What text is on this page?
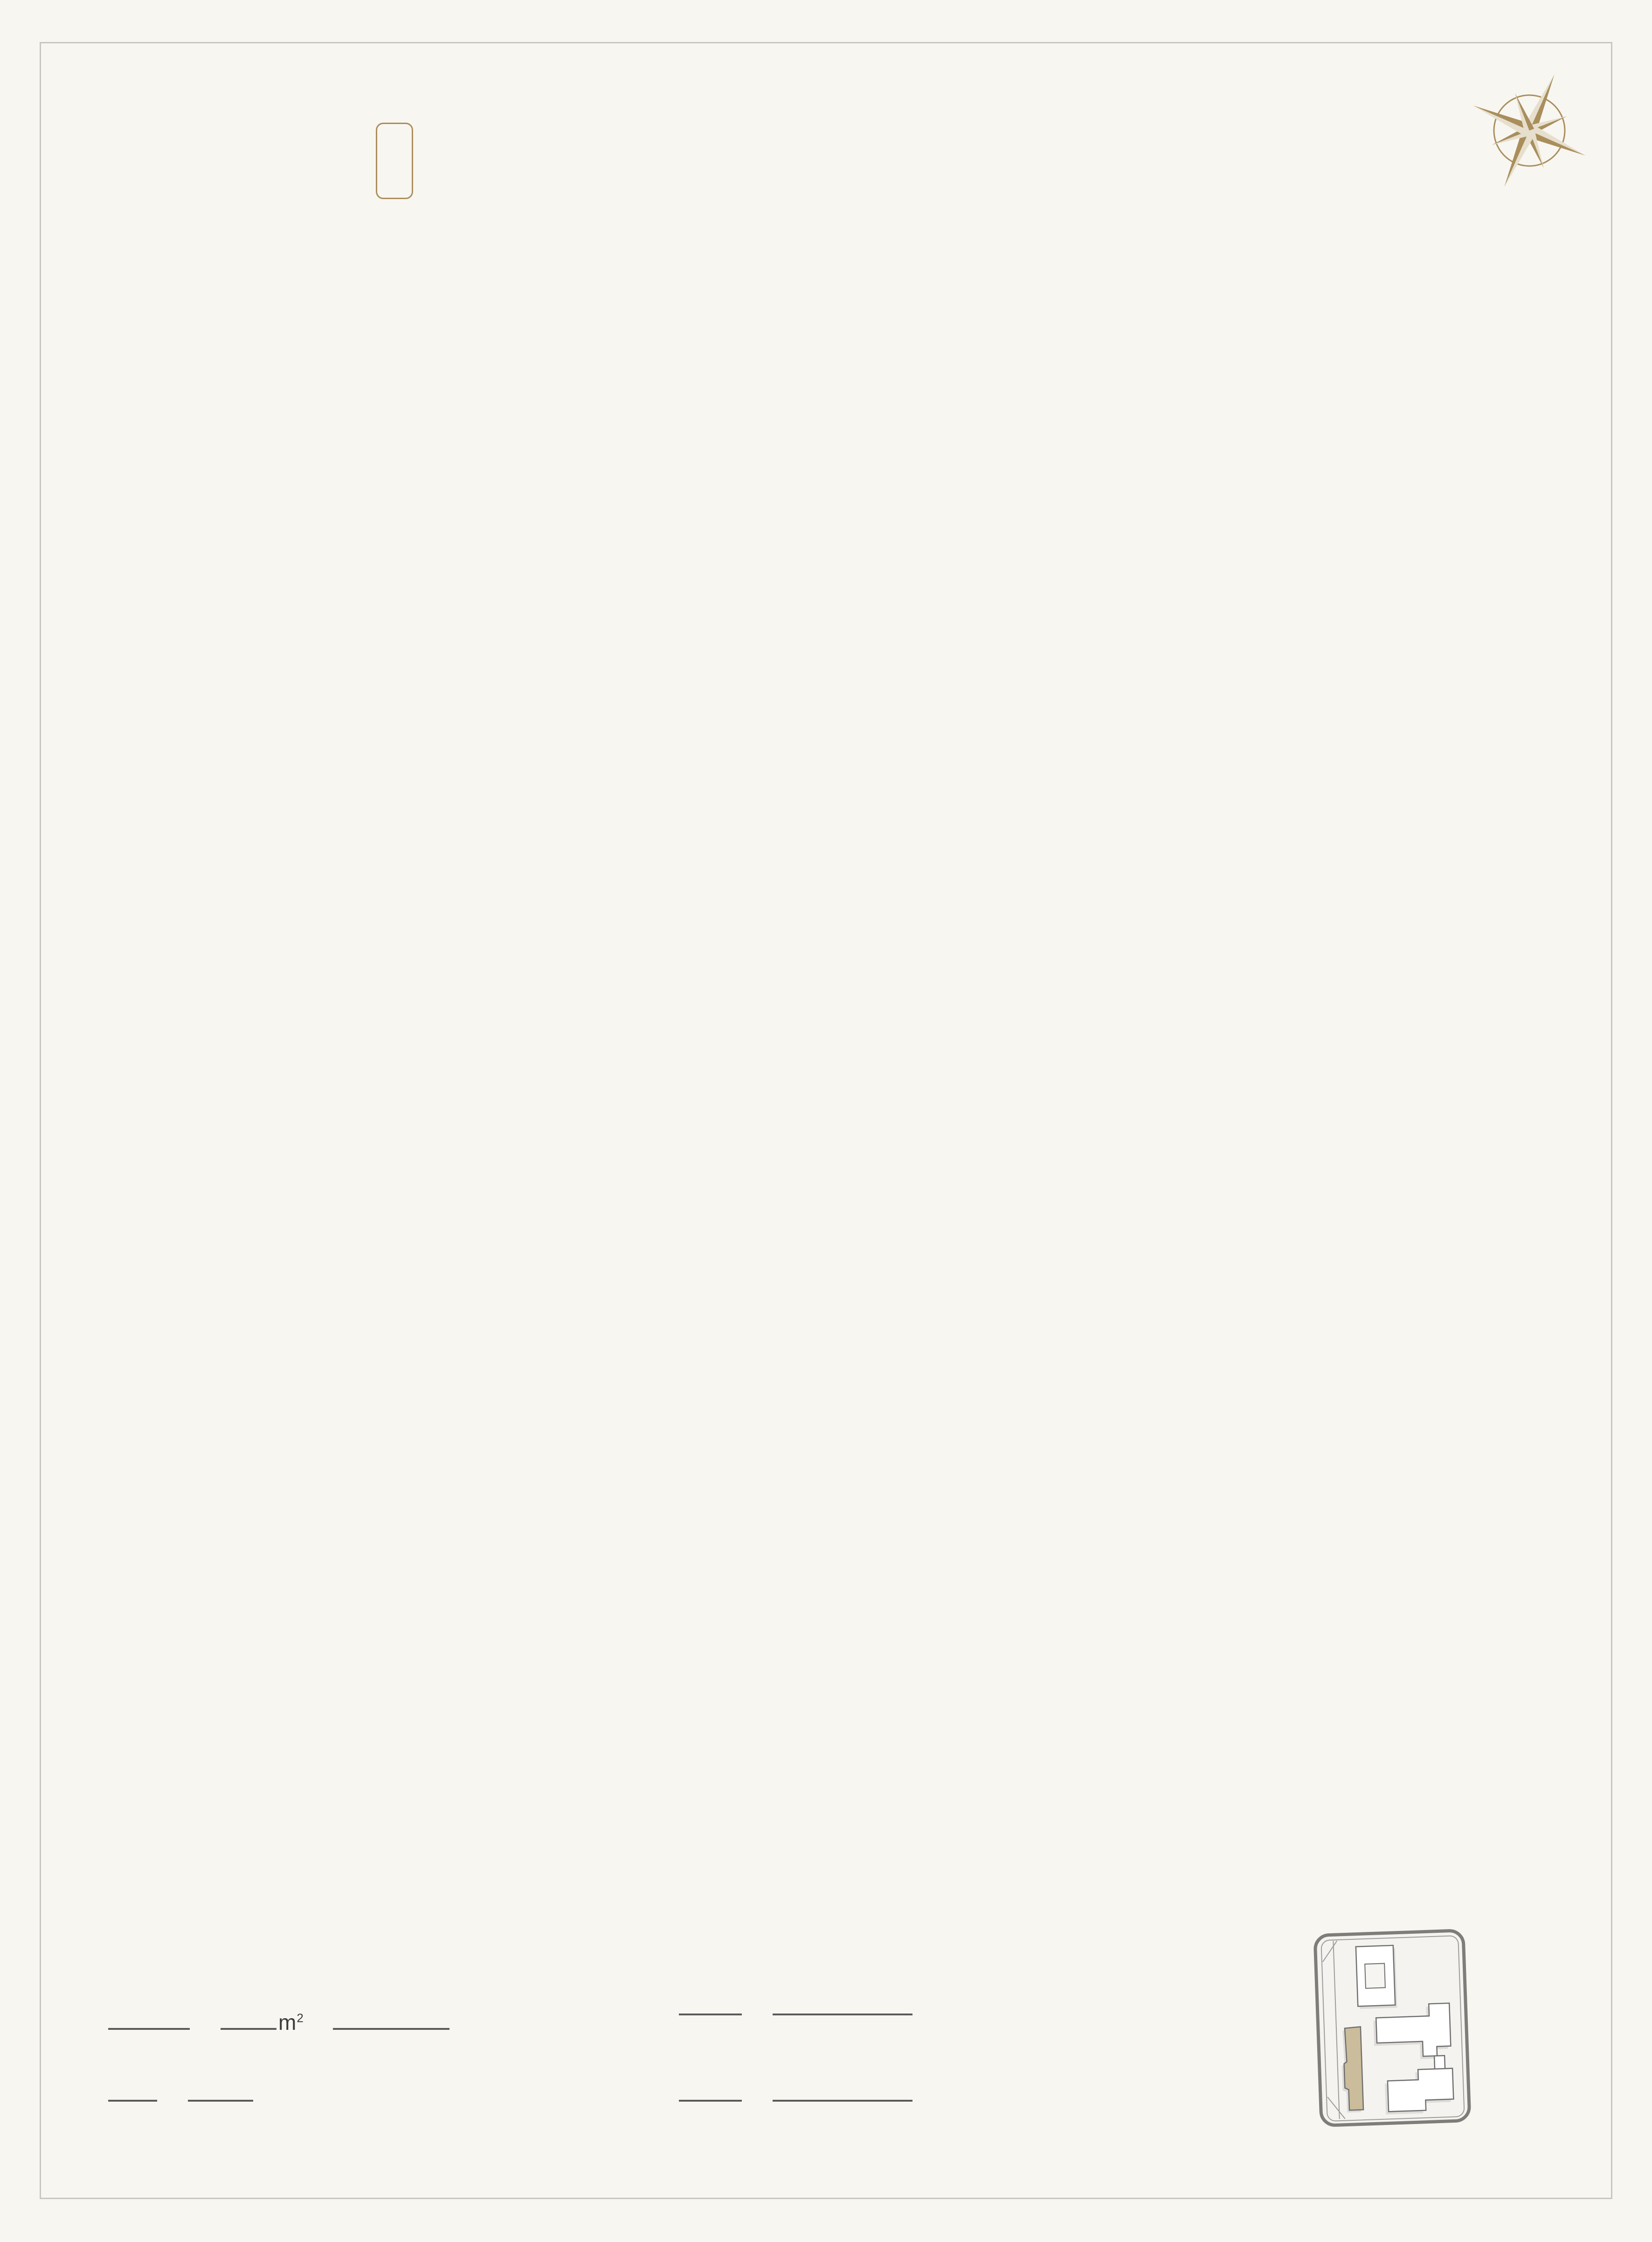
$m^2$
